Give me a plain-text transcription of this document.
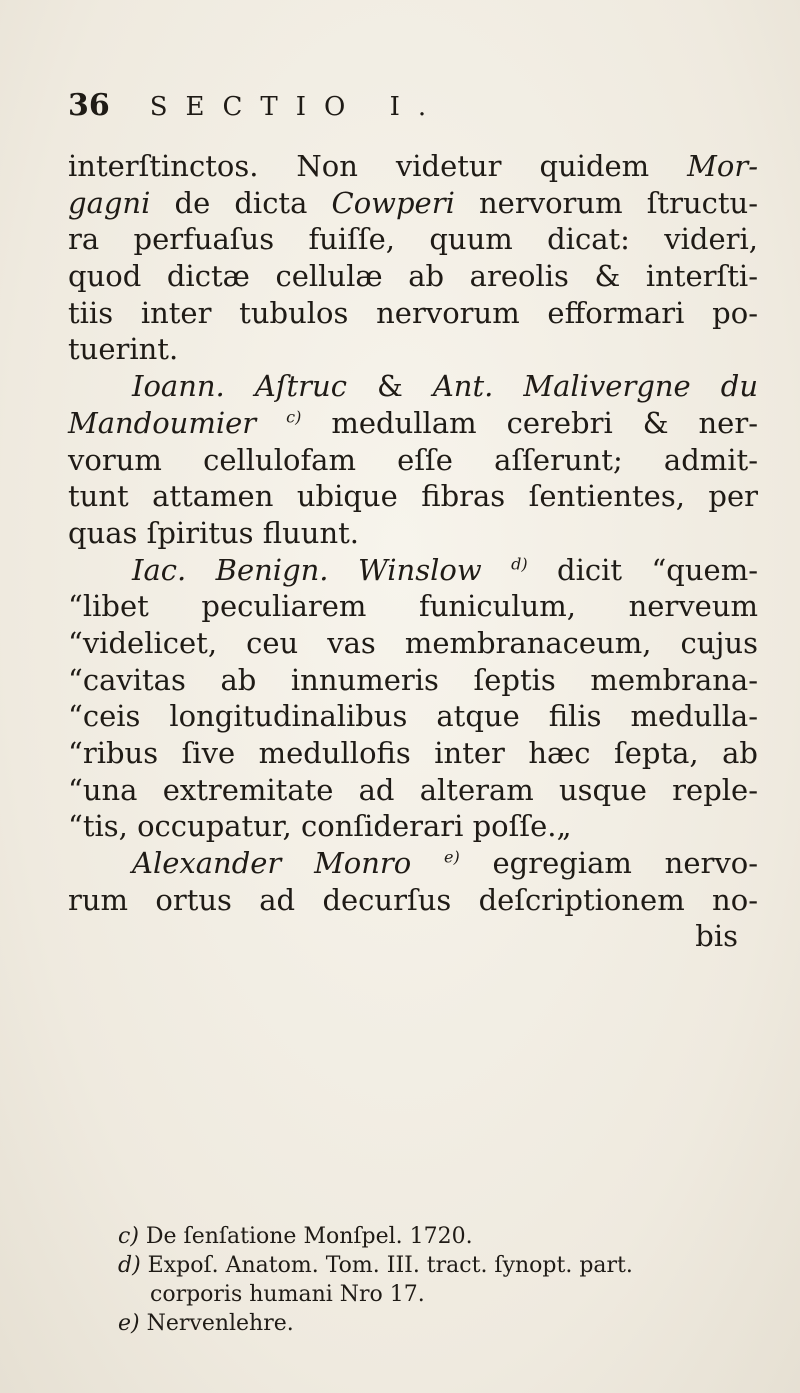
36 SECTIO I.
interſtinctos. Non videtur quidem Mor-
gagni de dicta Cowperi nervorum ſtructu-
ra perfuaſus fuiſſe, quum dicat: videri,
quod dictæ cellulæ ab areolis & interſti-
tiis inter tubulos nervorum efformari po-
tuerint.
Ioann. Aſtruc & Ant. Malivergne du
Mandoumier $^{c)}$ medullam cerebri & ner-
vorum cellulofam eſſe aſſerunt; admit-
tunt attamen ubique fibras ſentientes, per
quas ſpiritus fluunt.
Iac. Benign. Winslow $^{d)}$ dicit “quem-
“libet peculiarem funiculum, nerveum
“videlicet, ceu vas membranaceum, cujus
“cavitas ab innumeris ſeptis membrana-
“ceis longitudinalibus atque filis medulla-
“ribus ſive medullofis inter hæc ſepta, ab
“una extremitate ad alteram usque reple-
“tis, occupatur, conſiderari poſſe.„
Alexander Monro $^{e)}$ egregiam nervo-
rum ortus ad decurſus deſcriptionem no-
bis
c) De ſenſatione Monſpel. 1720.
d) Expoſ. Anatom. Tom. III. tract. ſynopt. part.
corporis humani Nro 17.
e) Nervenlehre.
